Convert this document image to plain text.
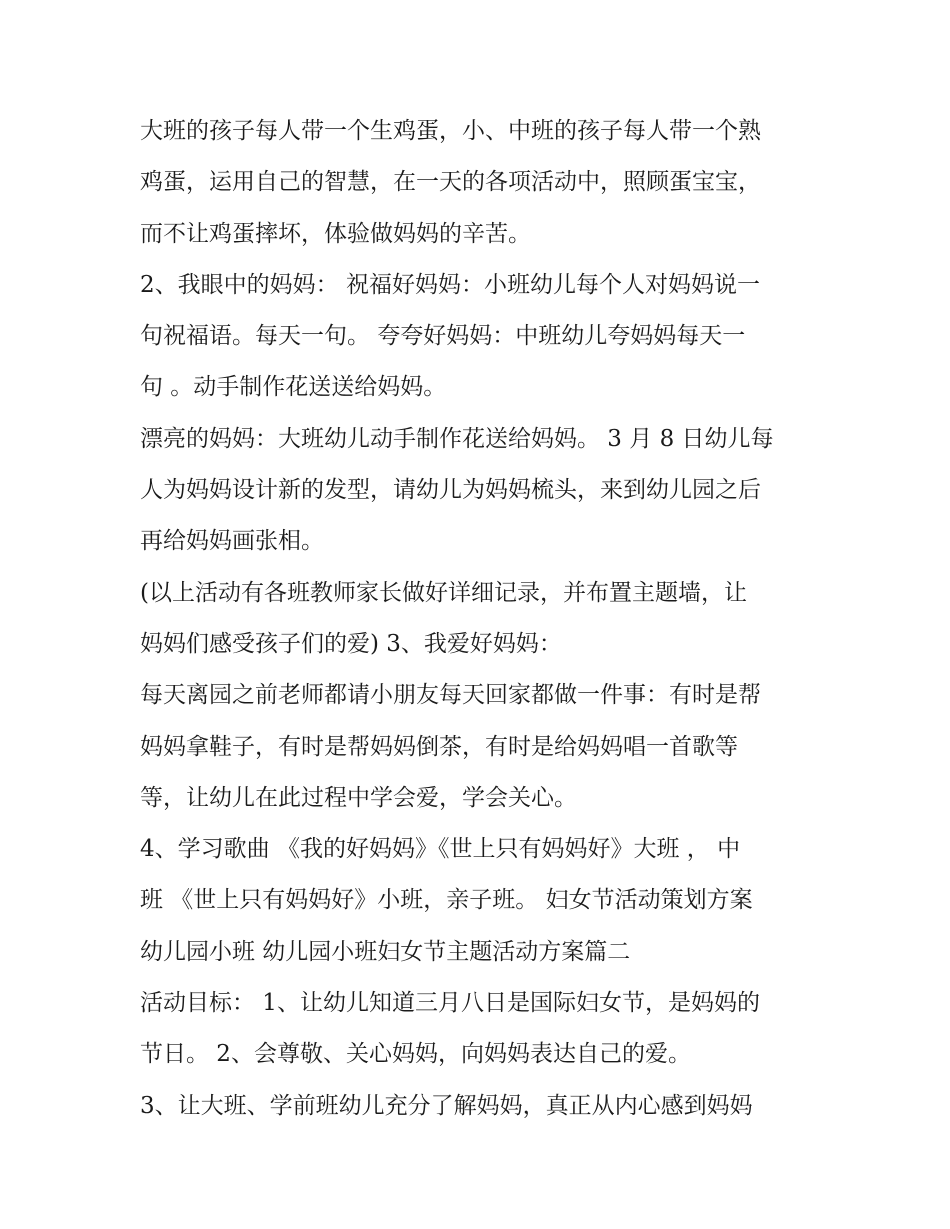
大班的孩子每人带一个生鸡蛋，小、中班的孩子每人带一个熟
鸡蛋，运用自己的智慧，在一天的各项活动中，照顾蛋宝宝，
而不让鸡蛋摔坏，体验做妈妈的辛苦。
2、我眼中的妈妈： 祝福好妈妈：小班幼儿每个人对妈妈说一
句祝福语。每天一句。 夸夸好妈妈：中班幼儿夸妈妈每天一
句 。动手制作花送送给妈妈。
漂亮的妈妈：大班幼儿动手制作花送给妈妈。 3 月 8 日幼儿每
人为妈妈设计新的发型，请幼儿为妈妈梳头，来到幼儿园之后
再给妈妈画张相。
(以上活动有各班教师家长做好详细记录，并布置主题墙，让
妈妈们感受孩子们的爱) 3、我爱好妈妈：
每天离园之前老师都请小朋友每天回家都做一件事：有时是帮
妈妈拿鞋子，有时是帮妈妈倒茶，有时是给妈妈唱一首歌等
等，让幼儿在此过程中学会爱，学会关心。
4、学习歌曲 《我的好妈妈》《世上只有妈妈好》大班 ， 中
班 《世上只有妈妈好》小班，亲子班。 妇女节活动策划方案
幼儿园小班 幼儿园小班妇女节主题活动方案篇二
活动目标： 1、让幼儿知道三月八日是国际妇女节，是妈妈的
节日。 2、会尊敬、关心妈妈，向妈妈表达自己的爱。
3、让大班、学前班幼儿充分了解妈妈，真正从内心感到妈妈
